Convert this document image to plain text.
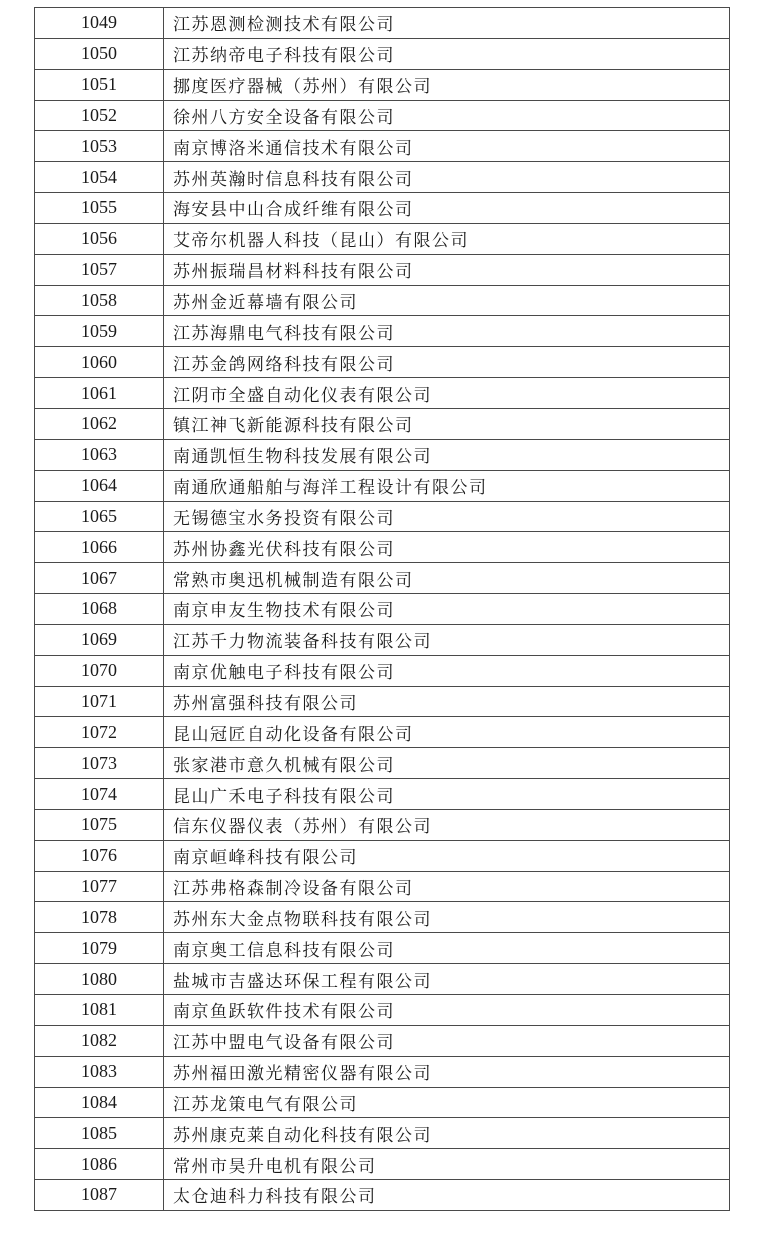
1049	江苏恩测检测技术有限公司
1050	江苏纳帝电子科技有限公司
1051	挪度医疗器械（苏州）有限公司
1052	徐州八方安全设备有限公司
1053	南京博洛米通信技术有限公司
1054	苏州英瀚时信息科技有限公司
1055	海安县中山合成纤维有限公司
1056	艾帝尔机器人科技（昆山）有限公司
1057	苏州振瑞昌材料科技有限公司
1058	苏州金近幕墙有限公司
1059	江苏海鼎电气科技有限公司
1060	江苏金鸽网络科技有限公司
1061	江阴市全盛自动化仪表有限公司
1062	镇江神飞新能源科技有限公司
1063	南通凯恒生物科技发展有限公司
1064	南通欣通船舶与海洋工程设计有限公司
1065	无锡德宝水务投资有限公司
1066	苏州协鑫光伏科技有限公司
1067	常熟市奥迅机械制造有限公司
1068	南京申友生物技术有限公司
1069	江苏千力物流装备科技有限公司
1070	南京优触电子科技有限公司
1071	苏州富强科技有限公司
1072	昆山冠匠自动化设备有限公司
1073	张家港市意久机械有限公司
1074	昆山广禾电子科技有限公司
1075	信东仪器仪表（苏州）有限公司
1076	南京峘峰科技有限公司
1077	江苏弗格森制冷设备有限公司
1078	苏州东大金点物联科技有限公司
1079	南京奥工信息科技有限公司
1080	盐城市吉盛达环保工程有限公司
1081	南京鱼跃软件技术有限公司
1082	江苏中盟电气设备有限公司
1083	苏州福田激光精密仪器有限公司
1084	江苏龙策电气有限公司
1085	苏州康克莱自动化科技有限公司
1086	常州市昊升电机有限公司
1087	太仓迪科力科技有限公司
